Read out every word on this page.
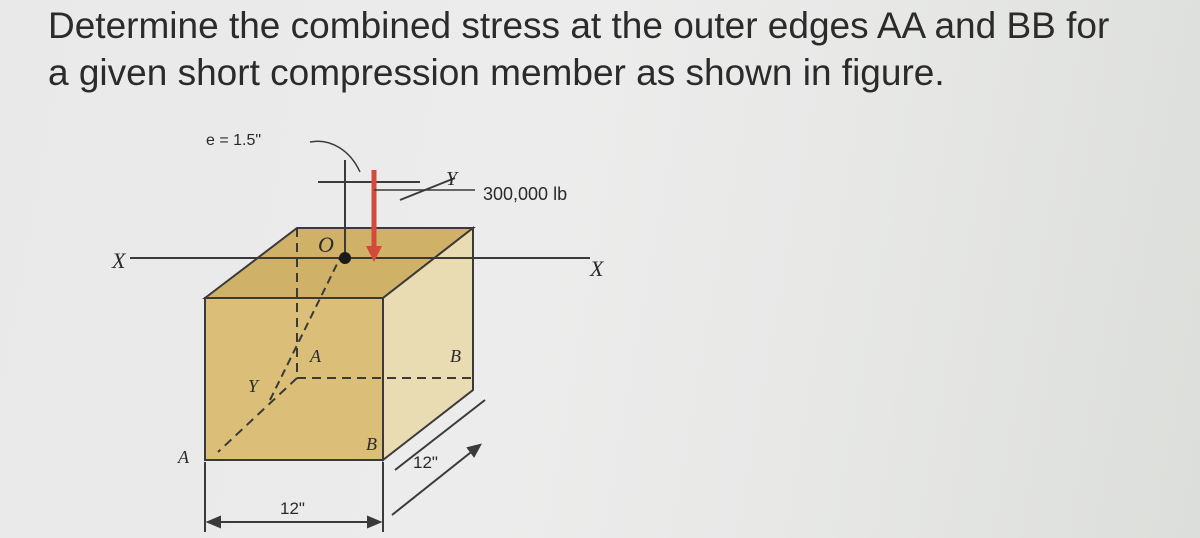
Determine the combined stress at the outer edges AA and BB for
a given short compression member as shown in figure.
e = 1.5"
Y
300,000 lb
O
X	X
A	B
Y
B
A	12"
12"
